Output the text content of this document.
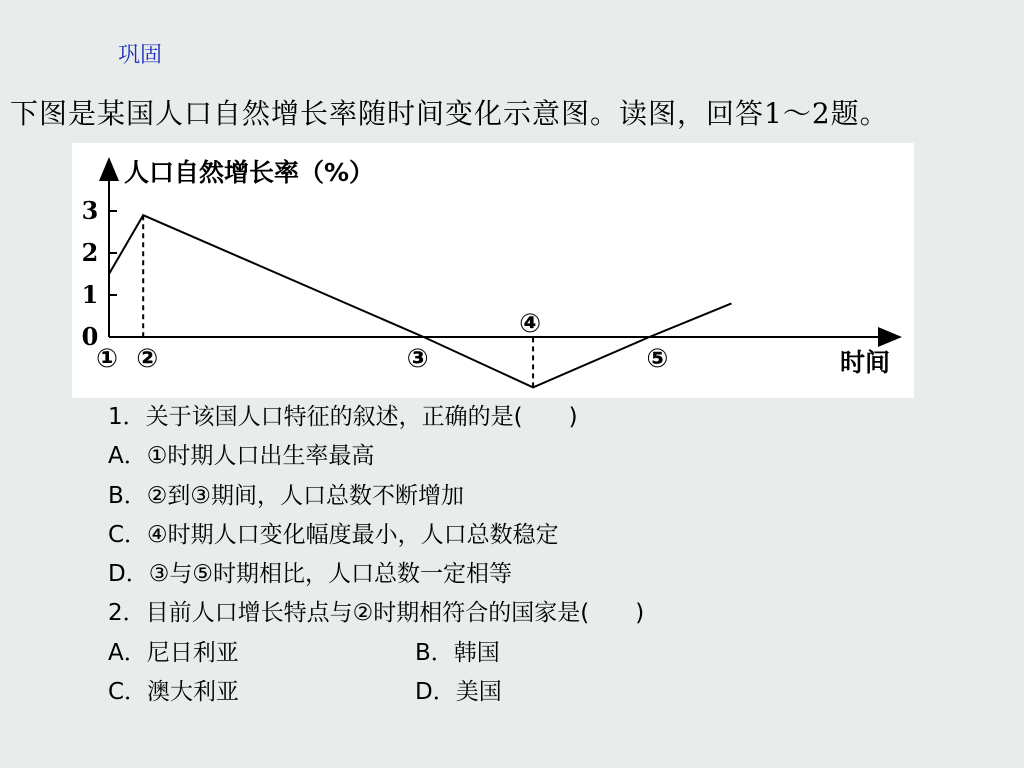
巩固
下图是某国人口自然增长率随时间变化示意图。读图，回答1～2题。
0
1
2
3
人口自然增长率（%）
时间
① ②	③
④
⑤
1．关于该国人口特征的叙述，正确的是(　　)
A．①时期人口出生率最高
B．②到③期间，人口总数不断增加
C．④时期人口变化幅度最小，人口总数稳定
D．③与⑤时期相比，人口总数一定相等
2．目前人口增长特点与②时期相符合的国家是(　　)
A．尼日利亚	B．韩国
C．澳大利亚	D．美国
